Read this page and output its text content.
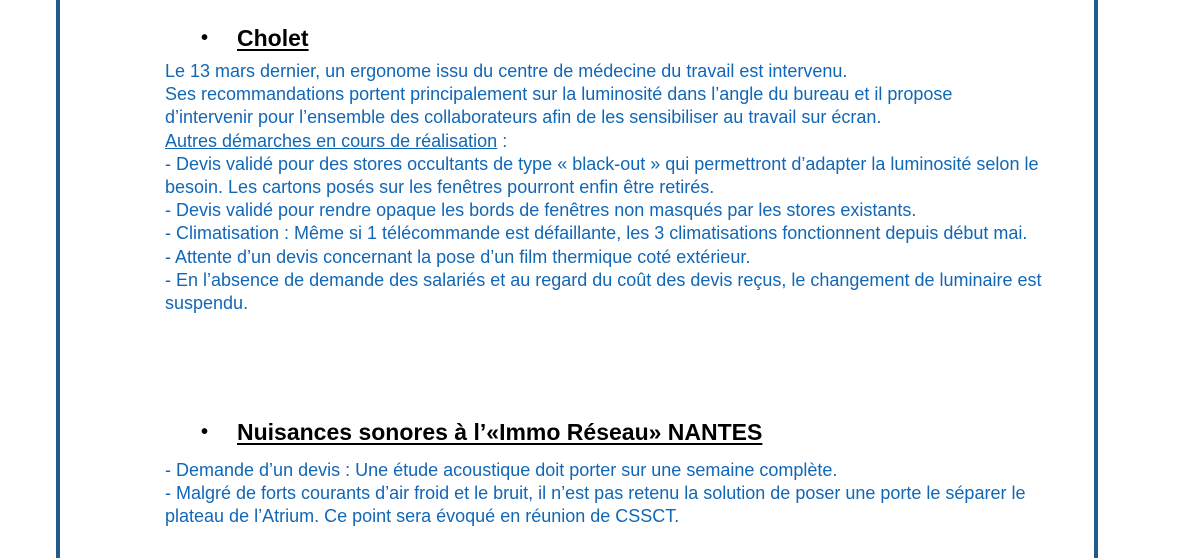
• Cholet

Le 13 mars dernier, un ergonome issu du centre de médecine du travail est intervenu.

Ses recommandations portent principalement sur la luminosité dans l’angle du bureau et il propose d’intervenir pour l’ensemble des collaborateurs afin de les sensibiliser au travail sur écran.

Autres démarches en cours de réalisation :

- Devis validé pour des stores occultants de type « black-out » qui permettront d’adapter la luminosité selon le besoin. Les cartons posés sur les fenêtres pourront enfin être retirés.

- Devis validé pour rendre opaque les bords de fenêtres non masqués par les stores existants.

- Climatisation : Même si 1 télécommande est défaillante, les 3 climatisations fonctionnent depuis début mai.

- Attente d’un devis concernant la pose d’un film thermique coté extérieur.

- En l’absence de demande des salariés et au regard du coût des devis reçus, le changement de luminaire est suspendu.

• Nuisances sonores à l’«Immo Réseau» NANTES

- Demande d’un devis : Une étude acoustique doit porter sur une semaine complète.

- Malgré de forts courants d’air froid et le bruit, il n’est pas retenu la solution de poser une porte le séparer le plateau de l’Atrium. Ce point sera évoqué en réunion de CSSCT.
